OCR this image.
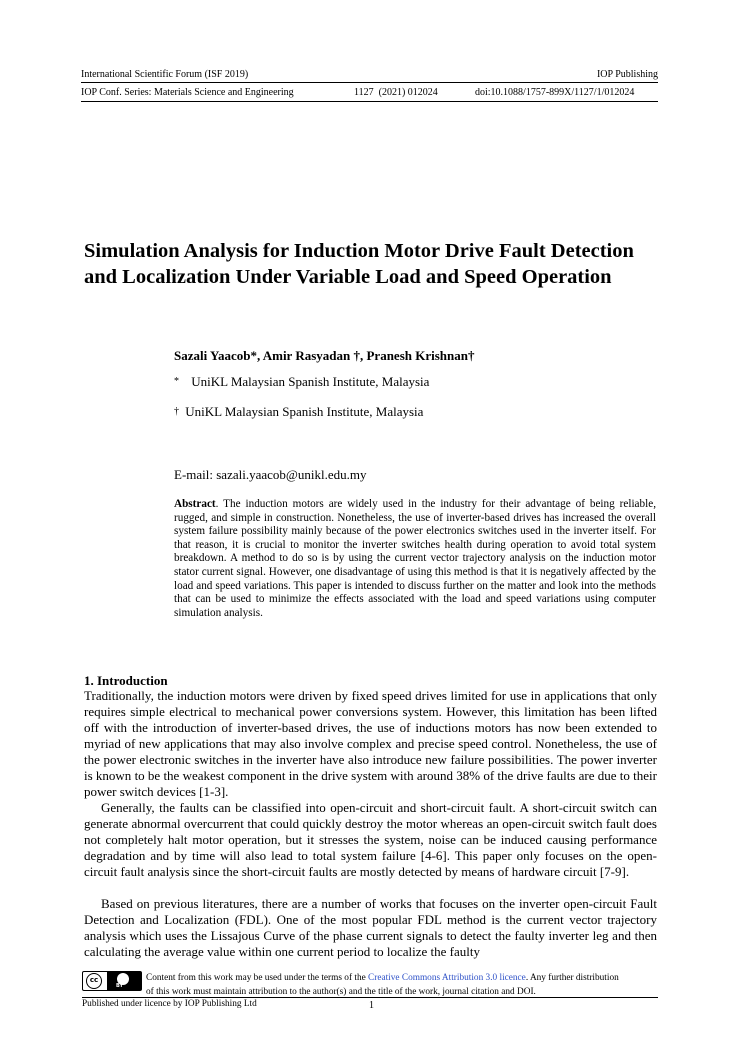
International Scientific Forum (ISF 2019)	IOP Publishing
IOP Conf. Series: Materials Science and Engineering	1127  (2021) 012024	doi:10.1088/1757-899X/1127/1/012024
Simulation Analysis for Induction Motor Drive Fault Detection and Localization Under Variable Load and Speed Operation
Sazali Yaacob*, Amir Rasyadan †, Pranesh Krishnan†
* UniKL Malaysian Spanish Institute, Malaysia
† UniKL Malaysian Spanish Institute, Malaysia
E-mail: sazali.yaacob@unikl.edu.my
Abstract. The induction motors are widely used in the industry for their advantage of being reliable, rugged, and simple in construction. Nonetheless, the use of inverter-based drives has increased the overall system failure possibility mainly because of the power electronics switches used in the inverter itself. For that reason, it is crucial to monitor the inverter switches health during operation to avoid total system breakdown. A method to do so is by using the current vector trajectory analysis on the induction motor stator current signal. However, one disadvantage of using this method is that it is negatively affected by the load and speed variations. This paper is intended to discuss further on the matter and look into the methods that can be used to minimize the effects associated with the load and speed variations using computer simulation analysis.
1. Introduction
Traditionally, the induction motors were driven by fixed speed drives limited for use in applications that only requires simple electrical to mechanical power conversions system. However, this limitation has been lifted off with the introduction of inverter-based drives, the use of inductions motors has now been extended to myriad of new applications that may also involve complex and precise speed control. Nonetheless, the use of the power electronic switches in the inverter have also introduce new failure possibilities. The power inverter is known to be the weakest component in the drive system with around 38% of the drive faults are due to their power switch devices [1-3].
Generally, the faults can be classified into open-circuit and short-circuit fault. A short-circuit switch can generate abnormal overcurrent that could quickly destroy the motor whereas an open-circuit switch fault does not completely halt motor operation, but it stresses the system, noise can be induced causing performance degradation and by time will also lead to total system failure [4-6]. This paper only focuses on the open-circuit fault analysis since the short-circuit faults are mostly detected by means of hardware circuit [7-9].
Based on previous literatures, there are a number of works that focuses on the inverter open-circuit Fault Detection and Localization (FDL). One of the most popular FDL method is the current vector trajectory analysis which uses the Lissajous Curve of the phase current signals to detect the faulty inverter leg and then calculating the average value within one current period to localize the faulty
cc
BY
Content from this work may be used under the terms of the Creative Commons Attribution 3.0 licence. Any further distribution
of this work must maintain attribution to the author(s) and the title of the work, journal citation and DOI.
Published under licence by IOP Publishing Ltd	1
